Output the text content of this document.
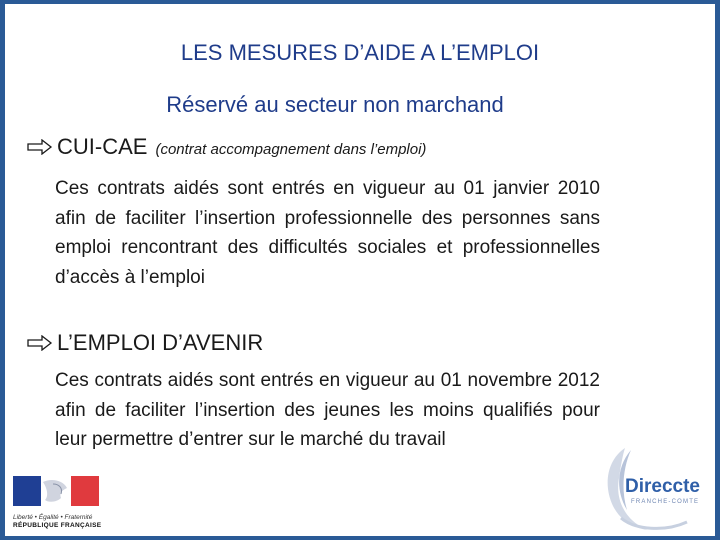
LES MESURES D’AIDE A L’EMPLOI
Réservé au secteur non marchand
CUI-CAE (contrat accompagnement dans l’emploi)
Ces contrats aidés sont entrés en vigueur au 01 janvier 2010 afin de faciliter l’insertion professionnelle des personnes sans emploi rencontrant des difficultés sociales et professionnelles d’accès à l’emploi
L’EMPLOI D’AVENIR
Ces contrats aidés sont entrés en vigueur au 01 novembre 2012 afin de faciliter l’insertion des jeunes les moins qualifiés pour leur permettre d’entrer sur le marché du travail
Liberté • Égalité • Fraternité
RÉPUBLIQUE FRANÇAISE
Direccte
FRANCHE-COMTE
